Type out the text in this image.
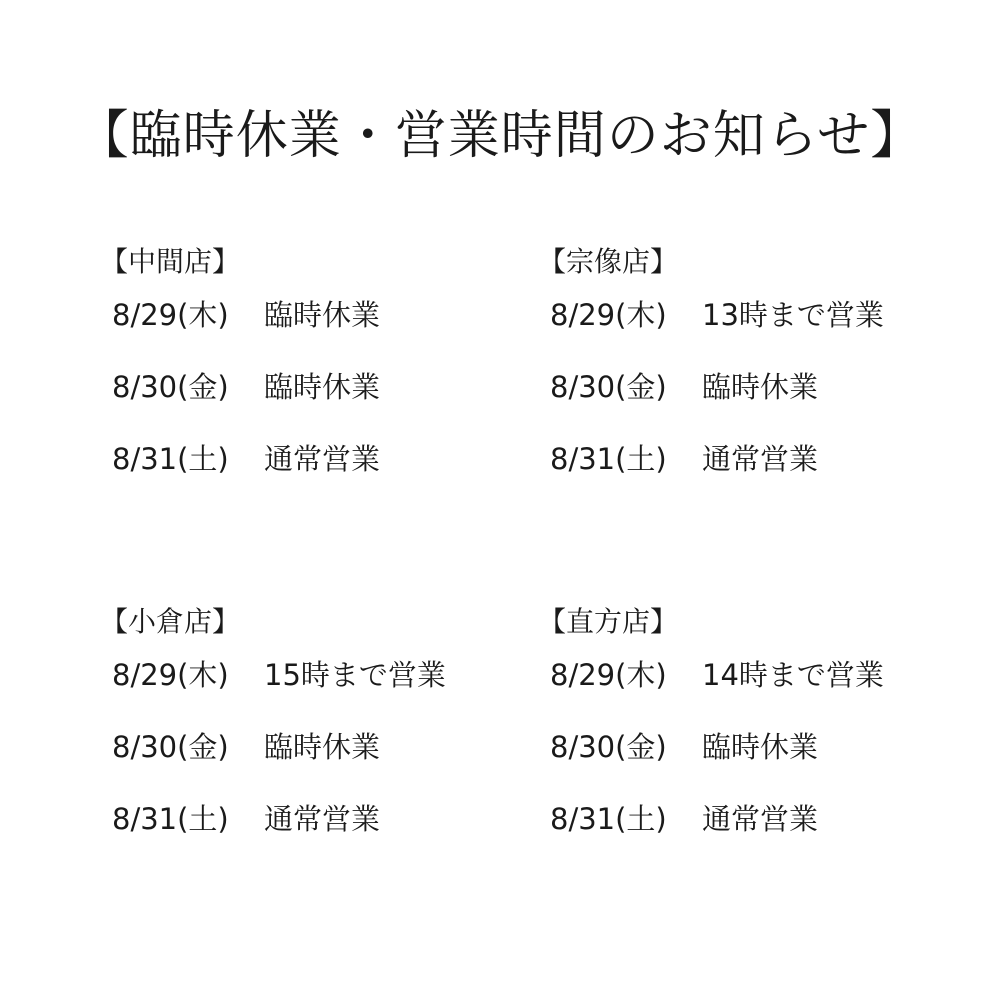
【臨時休業・営業時間のお知らせ】
【中間店】
8/29(木) 臨時休業
8/30(金) 臨時休業
8/31(土) 通常営業
【宗像店】
8/29(木) 13時まで営業
8/30(金) 臨時休業
8/31(土) 通常営業
【小倉店】
8/29(木) 15時まで営業
8/30(金) 臨時休業
8/31(土) 通常営業
【直方店】
8/29(木) 14時まで営業
8/30(金) 臨時休業
8/31(土) 通常営業
